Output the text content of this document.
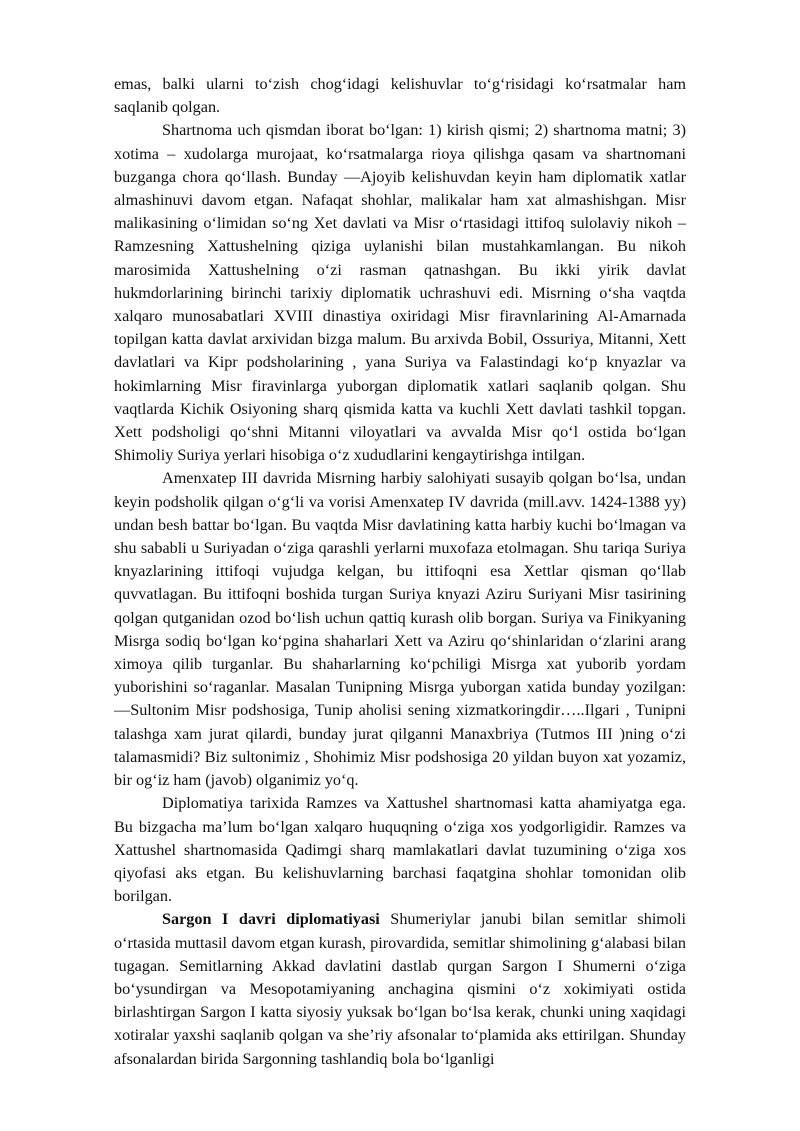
emas, balki ularni to‘zish chog‘idagi kelishuvlar to‘g‘risidagi ko‘rsatmalar ham saqlanib qolgan.

Shartnoma uch qismdan iborat bo‘lgan: 1) kirish qismi; 2) shartnoma matni; 3) xotima – xudolarga murojaat, ko‘rsatmalarga rioya qilishga qasam va shartnomani buzganga chora qo‘llash. Bunday ―Ajoyib kelishuvdan keyin ham diplomatik xatlar almashinuvi davom etgan. Nafaqat shohlar, malikalar ham xat almashishgan. Misr malikasining o‘limidan so‘ng Xet davlati va Misr o‘rtasidagi ittifoq sulolaviy nikoh – Ramzesning Xattushelning qiziga uylanishi bilan mustahkamlangan. Bu nikoh marosimida Xattushelning o‘zi rasman qatnashgan. Bu ikki yirik davlat hukmdorlarining birinchi tarixiy diplomatik uchrashuvi edi. Misrning o‘sha vaqtda xalqaro munosabatlari XVIII dinastiya oxiridagi Misr firavnlarining Al-Amarnada topilgan katta davlat arxividan bizga malum. Bu arxivda Bobil, Ossuriya, Mitanni, Xett davlatlari va Kipr podsholarining , yana Suriya va Falastindagi ko‘p knyazlar va hokimlarning Misr firavinlarga yuborgan diplomatik xatlari saqlanib qolgan. Shu vaqtlarda Kichik Osiyoning sharq qismida katta va kuchli Xett davlati tashkil topgan. Xett podsholigi qo‘shni Mitanni viloyatlari va avvalda Misr qo‘l ostida bo‘lgan Shimoliy Suriya yerlari hisobiga o‘z xududlarini kengaytirishga intilgan.

Amenxatep III davrida Misrning harbiy salohiyati susayib qolgan bo‘lsa, undan keyin podsholik qilgan o‘g‘li va vorisi Amenxatep IV davrida (mill.avv. 1424-1388 yy) undan besh battar bo‘lgan. Bu vaqtda Misr davlatining katta harbiy kuchi bo‘lmagan va shu sababli u Suriyadan o‘ziga qarashli yerlarni muxofaza etolmagan. Shu tariqa Suriya knyazlarining ittifoqi vujudga kelgan, bu ittifoqni esa Xettlar qisman qo‘llab quvvatlagan. Bu ittifoqni boshida turgan Suriya knyazi Aziru Suriyani Misr tasirining qolgan qutganidan ozod bo‘lish uchun qattiq kurash olib borgan. Suriya va Finikyaning Misrga sodiq bo‘lgan ko‘pgina shaharlari Xett va Aziru qo‘shinlaridan o‘zlarini arang ximoya qilib turganlar. Bu shaharlarning ko‘pchiligi Misrga xat yuborib yordam yuborishini so‘raganlar. Masalan Tunipning Misrga yuborgan xatida bunday yozilgan: ―Sultonim Misr podshosiga, Tunip aholisi sening xizmatkoringdir…..Ilgari , Tunipni talashga xam jurat qilardi, bunday jurat qilganni Manaxbriya (Tutmos III )ning o‘zi talamasmidi? Biz sultonimiz , Shohimiz Misr podshosiga 20 yildan buyon xat yozamiz, bir og‘iz ham (javob) olganimiz yo‘q.

Diplomatiya tarixida Ramzes va Xattushel shartnomasi katta ahamiyatga ega. Bu bizgacha ma’lum bo‘lgan xalqaro huquqning o‘ziga xos yodgorligidir. Ramzes va Xattushel shartnomasida Qadimgi sharq mamlakatlari davlat tuzumining o‘ziga xos qiyofasi aks etgan. Bu kelishuvlarning barchasi faqatgina shohlar tomonidan olib borilgan.

Sargon I davri diplomatiyasi Shumeriylar janubi bilan semitlar shimoli o‘rtasida muttasil davom etgan kurash, pirovardida, semitlar shimolining g‘alabasi bilan tugagan. Semitlarning Akkad davlatini dastlab qurgan Sargon I Shumerni o‘ziga bo‘ysundirgan va Mesopotamiyaning anchagina qismini o‘z xokimiyati ostida birlashtirgan Sargon I katta siyosiy yuksak bo‘lgan bo‘lsa kerak, chunki uning xaqidagi xotiralar yaxshi saqlanib qolgan va she’riy afsonalar to‘plamida aks ettirilgan. Shunday afsonalardan birida Sargonning tashlandiq bola bo‘lganligi
